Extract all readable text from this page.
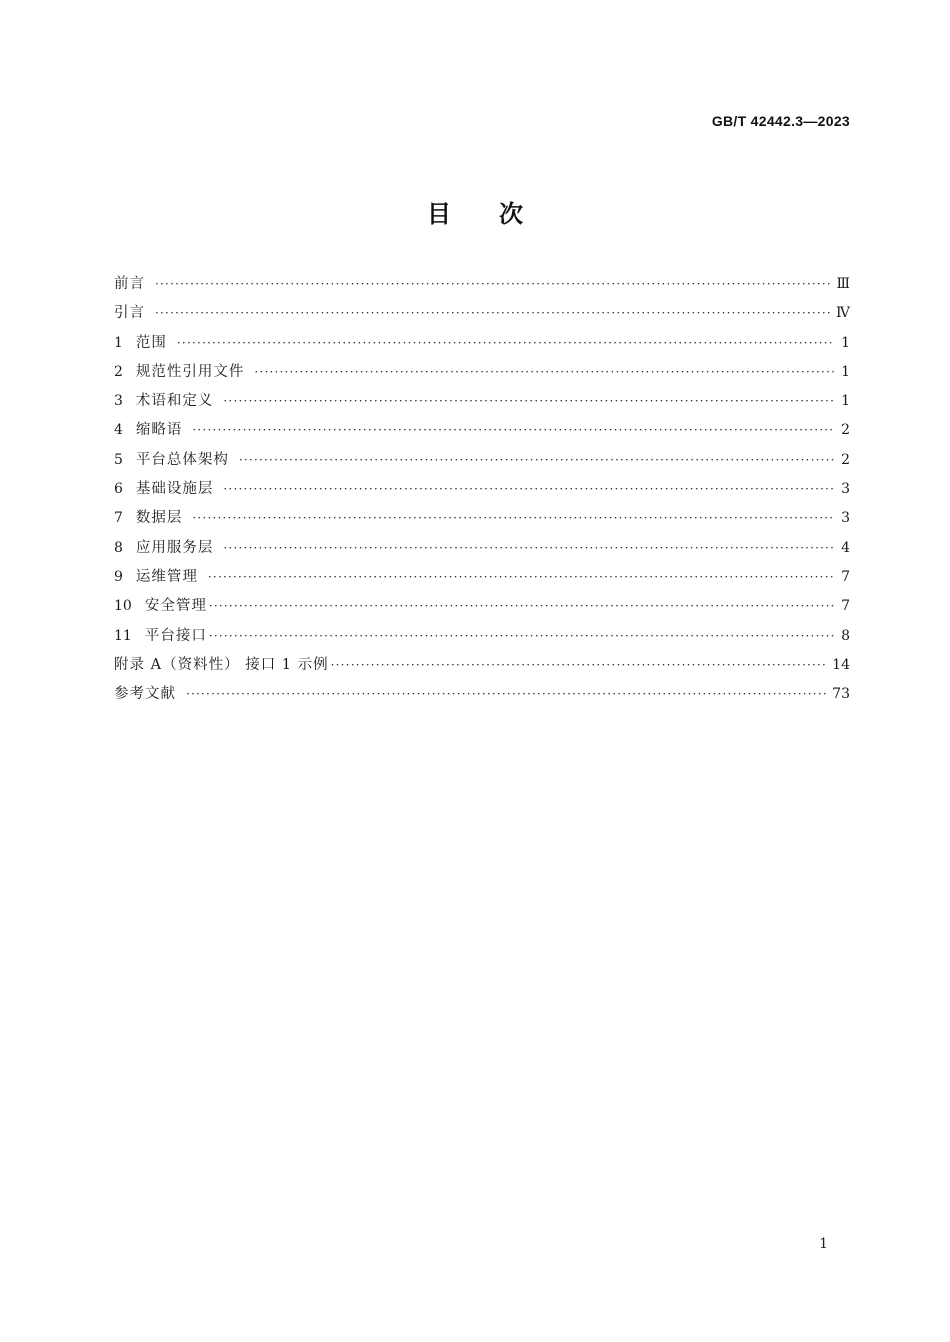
GB/T 42442.3—2023
目次
前言 ·····	Ⅲ
引言 ·····	Ⅳ
1 范围 ·····	1
2 规范性引用文件 ·····	1
3 术语和定义 ·····	1
4 缩略语 ·····	2
5 平台总体架构 ·····	2
6 基础设施层 ·····	3
7 数据层 ·····	3
8 应用服务层 ·····	4
9 运维管理 ·····	7
10 安全管理 ·····	7
11 平台接口 ·····	8
附录 A（资料性） 接口 1 示例 ·····	14
参考文献 ·····	73
1
